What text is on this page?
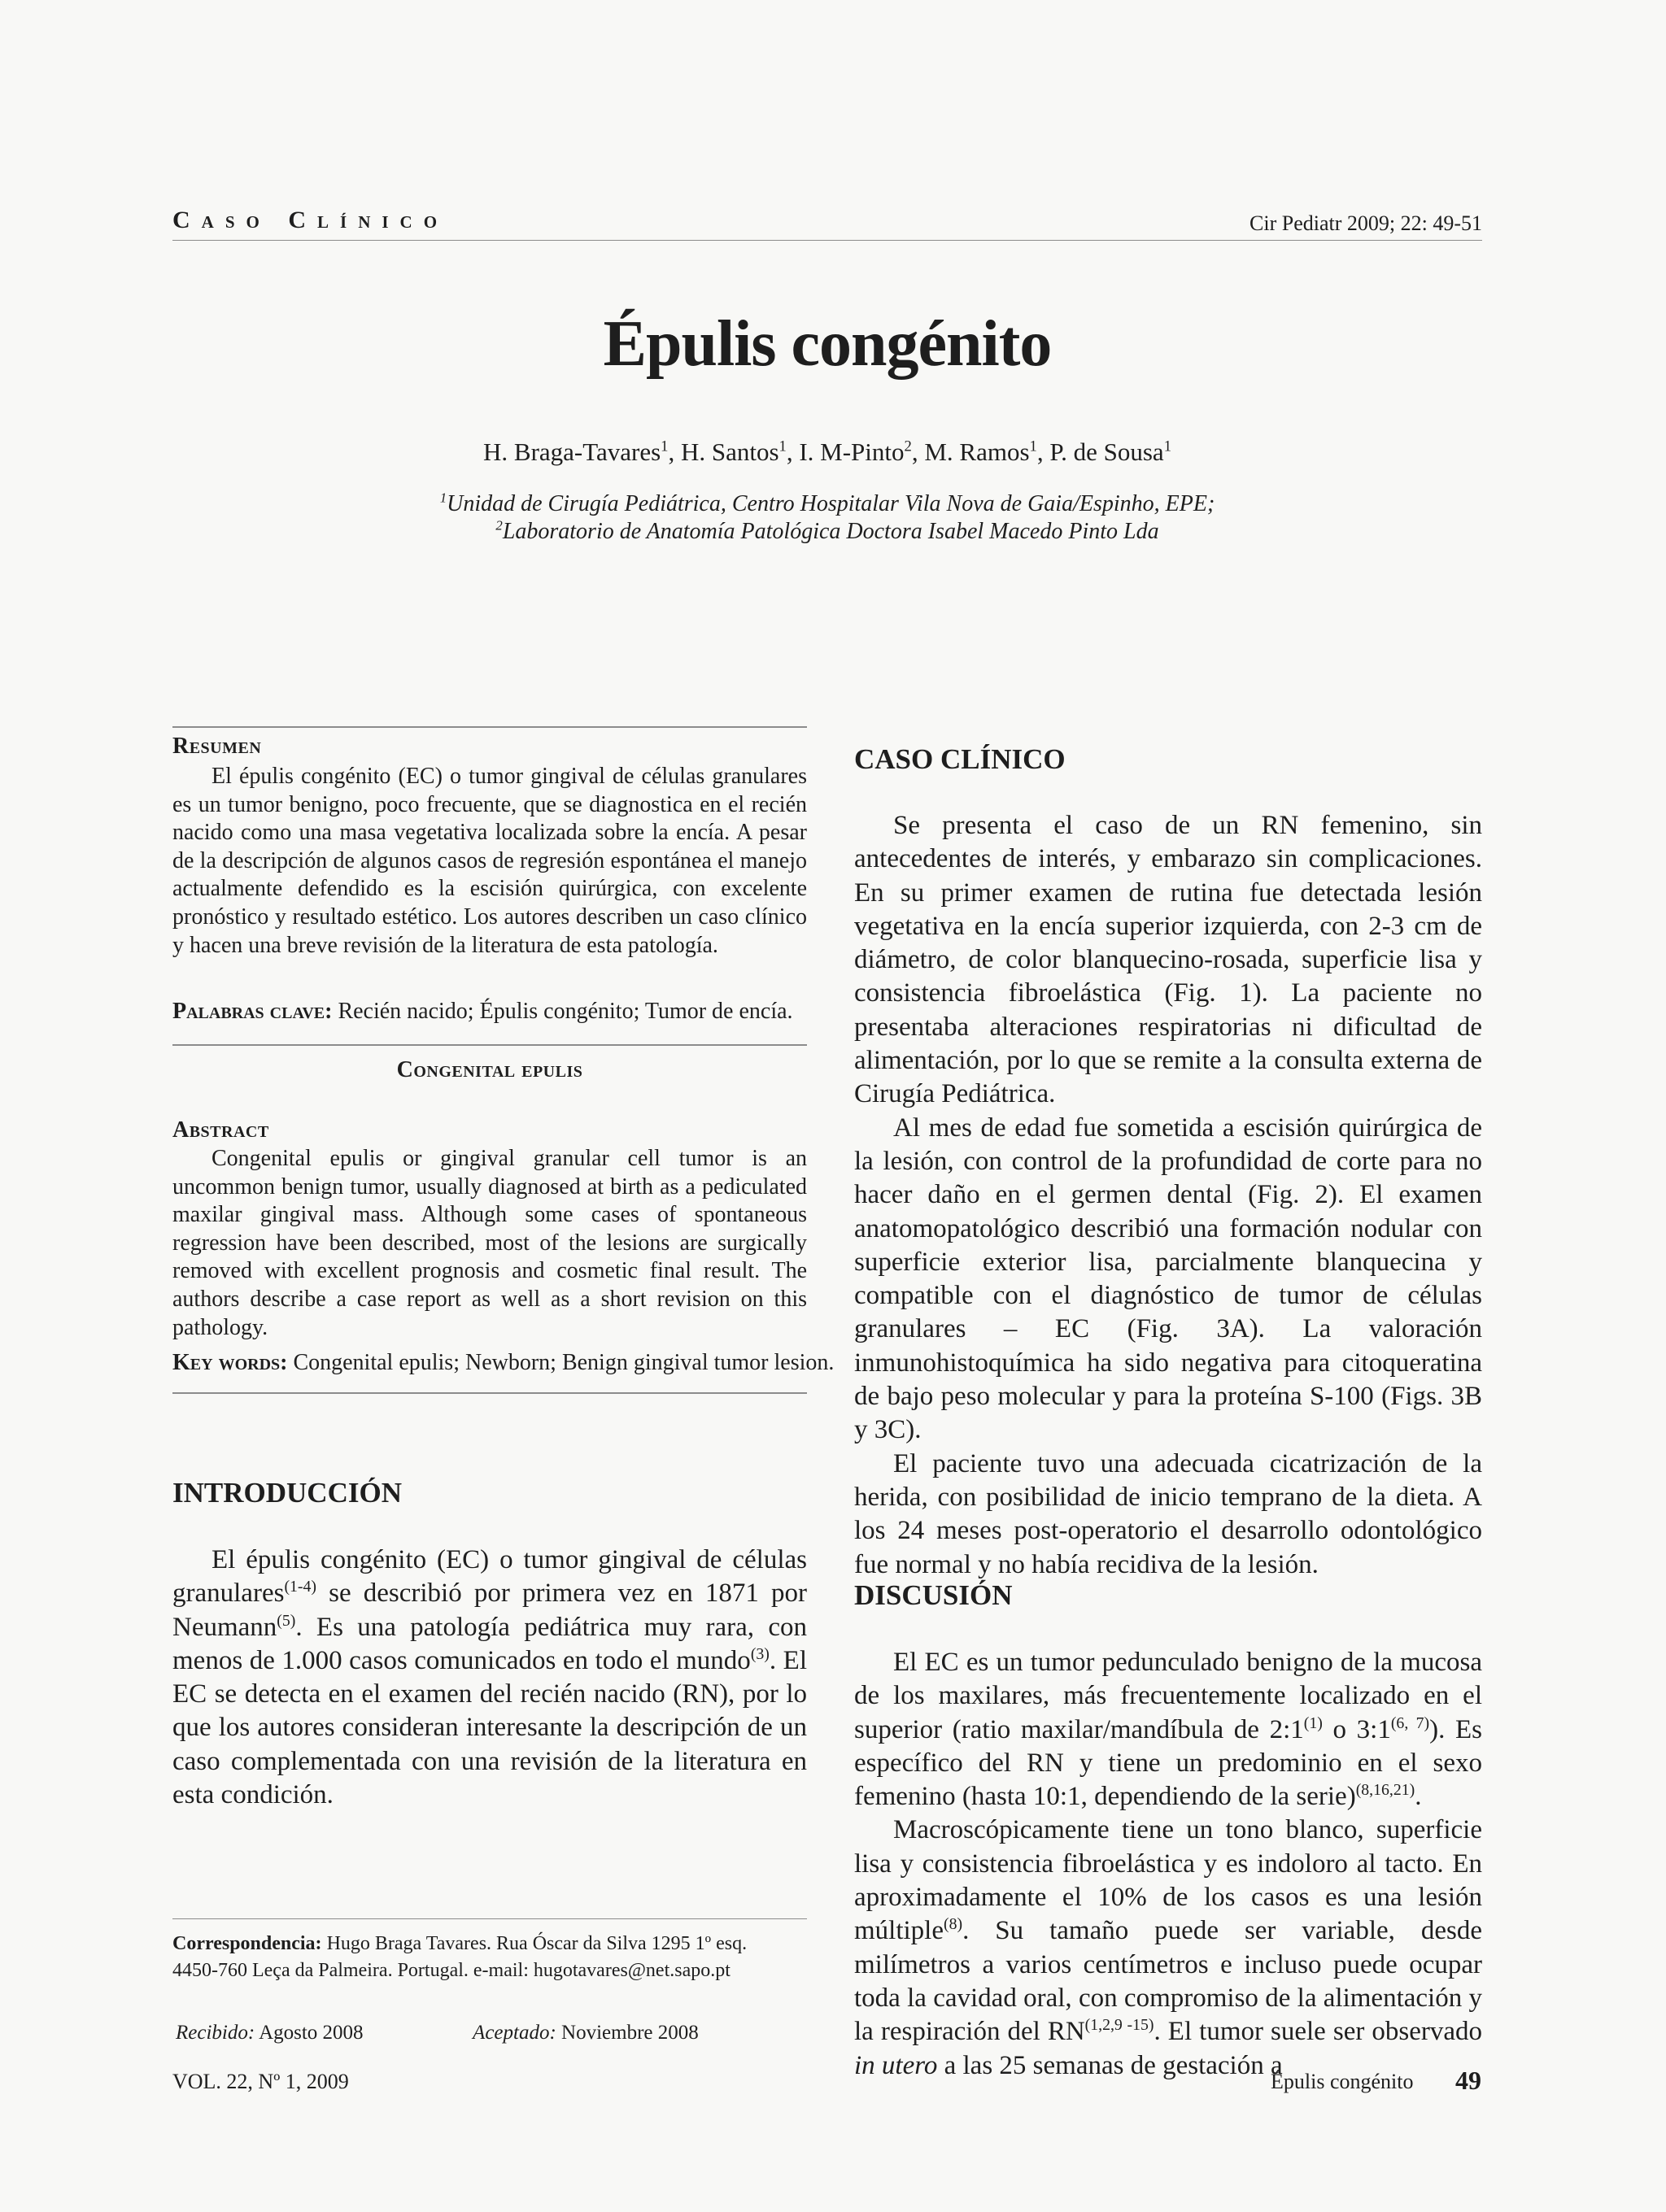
Caso Clínico	Cir Pediatr 2009; 22: 49-51
Épulis congénito
H. Braga-Tavares$^1$, H. Santos$^1$, I. M-Pinto$^2$, M. Ramos$^1$, P. de Sousa$^1$
$^1$Unidad de Cirugía Pediátrica, Centro Hospitalar Vila Nova de Gaia/Espinho, EPE;
$^2$Laboratorio de Anatomía Patológica Doctora Isabel Macedo Pinto Lda
Resumen

El épulis congénito (EC) o tumor gingival de células granulares es un tumor benigno, poco frecuente, que se diagnostica en el recién nacido como una masa vegetativa localizada sobre la encía. A pesar de la descripción de algunos casos de regresión espontánea el manejo actualmente defendido es la escisión quirúrgica, con excelente pronóstico y resultado estético. Los autores describen un caso clínico y hacen una breve revisión de la literatura de esta patología.

Palabras clave: Recién nacido; Épulis congénito; Tumor de encía.
Congenital epulis
Abstract

Congenital epulis or gingival granular cell tumor is an uncommon benign tumor, usually diagnosed at birth as a pediculated maxilar gingival mass. Although some cases of spontaneous regression have been described, most of the lesions are surgically removed with excellent prognosis and cosmetic final result. The authors describe a case report as well as a short revision on this pathology.

Key words: Congenital epulis; Newborn; Benign gingival tumor lesion.
INTRODUCCIÓN

El épulis congénito (EC) o tumor gingival de células granulares$^{(1-4)}$ se describió por primera vez en 1871 por Neumann$^{(5)}$. Es una patología pediátrica muy rara, con menos de 1.000 casos comunicados en todo el mundo$^{(3)}$. El EC se detecta en el examen del recién nacido (RN), por lo que los autores consideran interesante la descripción de un caso complementada con una revisión de la literatura en esta condición.

Correspondencia: Hugo Braga Tavares. Rua Óscar da Silva 1295 1º esq.
4450-760 Leça da Palmeira. Portugal. e-mail: hugotavares@net.sapo.pt
Recibido: Agosto 2008	Aceptado: Noviembre 2008
CASO CLÍNICO

Se presenta el caso de un RN femenino, sin antecedentes de interés, y embarazo sin complicaciones. En su primer examen de rutina fue detectada lesión vegetativa en la encía superior izquierda, con 2-3 cm de diámetro, de color blanquecino-rosada, superficie lisa y consistencia fibroelástica (Fig. 1). La paciente no presentaba alteraciones respiratorias ni dificultad de alimentación, por lo que se remite a la consulta externa de Cirugía Pediátrica.

Al mes de edad fue sometida a escisión quirúrgica de la lesión, con control de la profundidad de corte para no hacer daño en el germen dental (Fig. 2). El examen anatomopatológico describió una formación nodular con superficie exterior lisa, parcialmente blanquecina y compatible con el diagnóstico de tumor de células granulares – EC (Fig. 3A). La valoración inmunohistoquímica ha sido negativa para citoqueratina de bajo peso molecular y para la proteína S-100 (Figs. 3B y 3C).

El paciente tuvo una adecuada cicatrización de la herida, con posibilidad de inicio temprano de la dieta. A los 24 meses post-operatorio el desarrollo odontológico fue normal y no había recidiva de la lesión.

DISCUSIÓN

El EC es un tumor pedunculado benigno de la mucosa de los maxilares, más frecuentemente localizado en el superior (ratio maxilar/mandíbula de 2:1$^{(1)}$ o 3:1$^{(6, 7)}$). Es específico del RN y tiene un predominio en el sexo femenino (hasta 10:1, dependiendo de la serie)$^{(8,16,21)}$.

Macroscópicamente tiene un tono blanco, superficie lisa y consistencia fibroelástica y es indoloro al tacto. En aproximadamente el 10% de los casos es una lesión múltiple$^{(8)}$. Su tamaño puede ser variable, desde milímetros a varios centímetros e incluso puede ocupar toda la cavidad oral, con compromiso de la alimentación y la respiración del RN$^{(1,2,9 -15)}$. El tumor suele ser observado in utero a las 25 semanas de gestación a

VOL. 22, Nº 1, 2009	Épulis congénito 49
